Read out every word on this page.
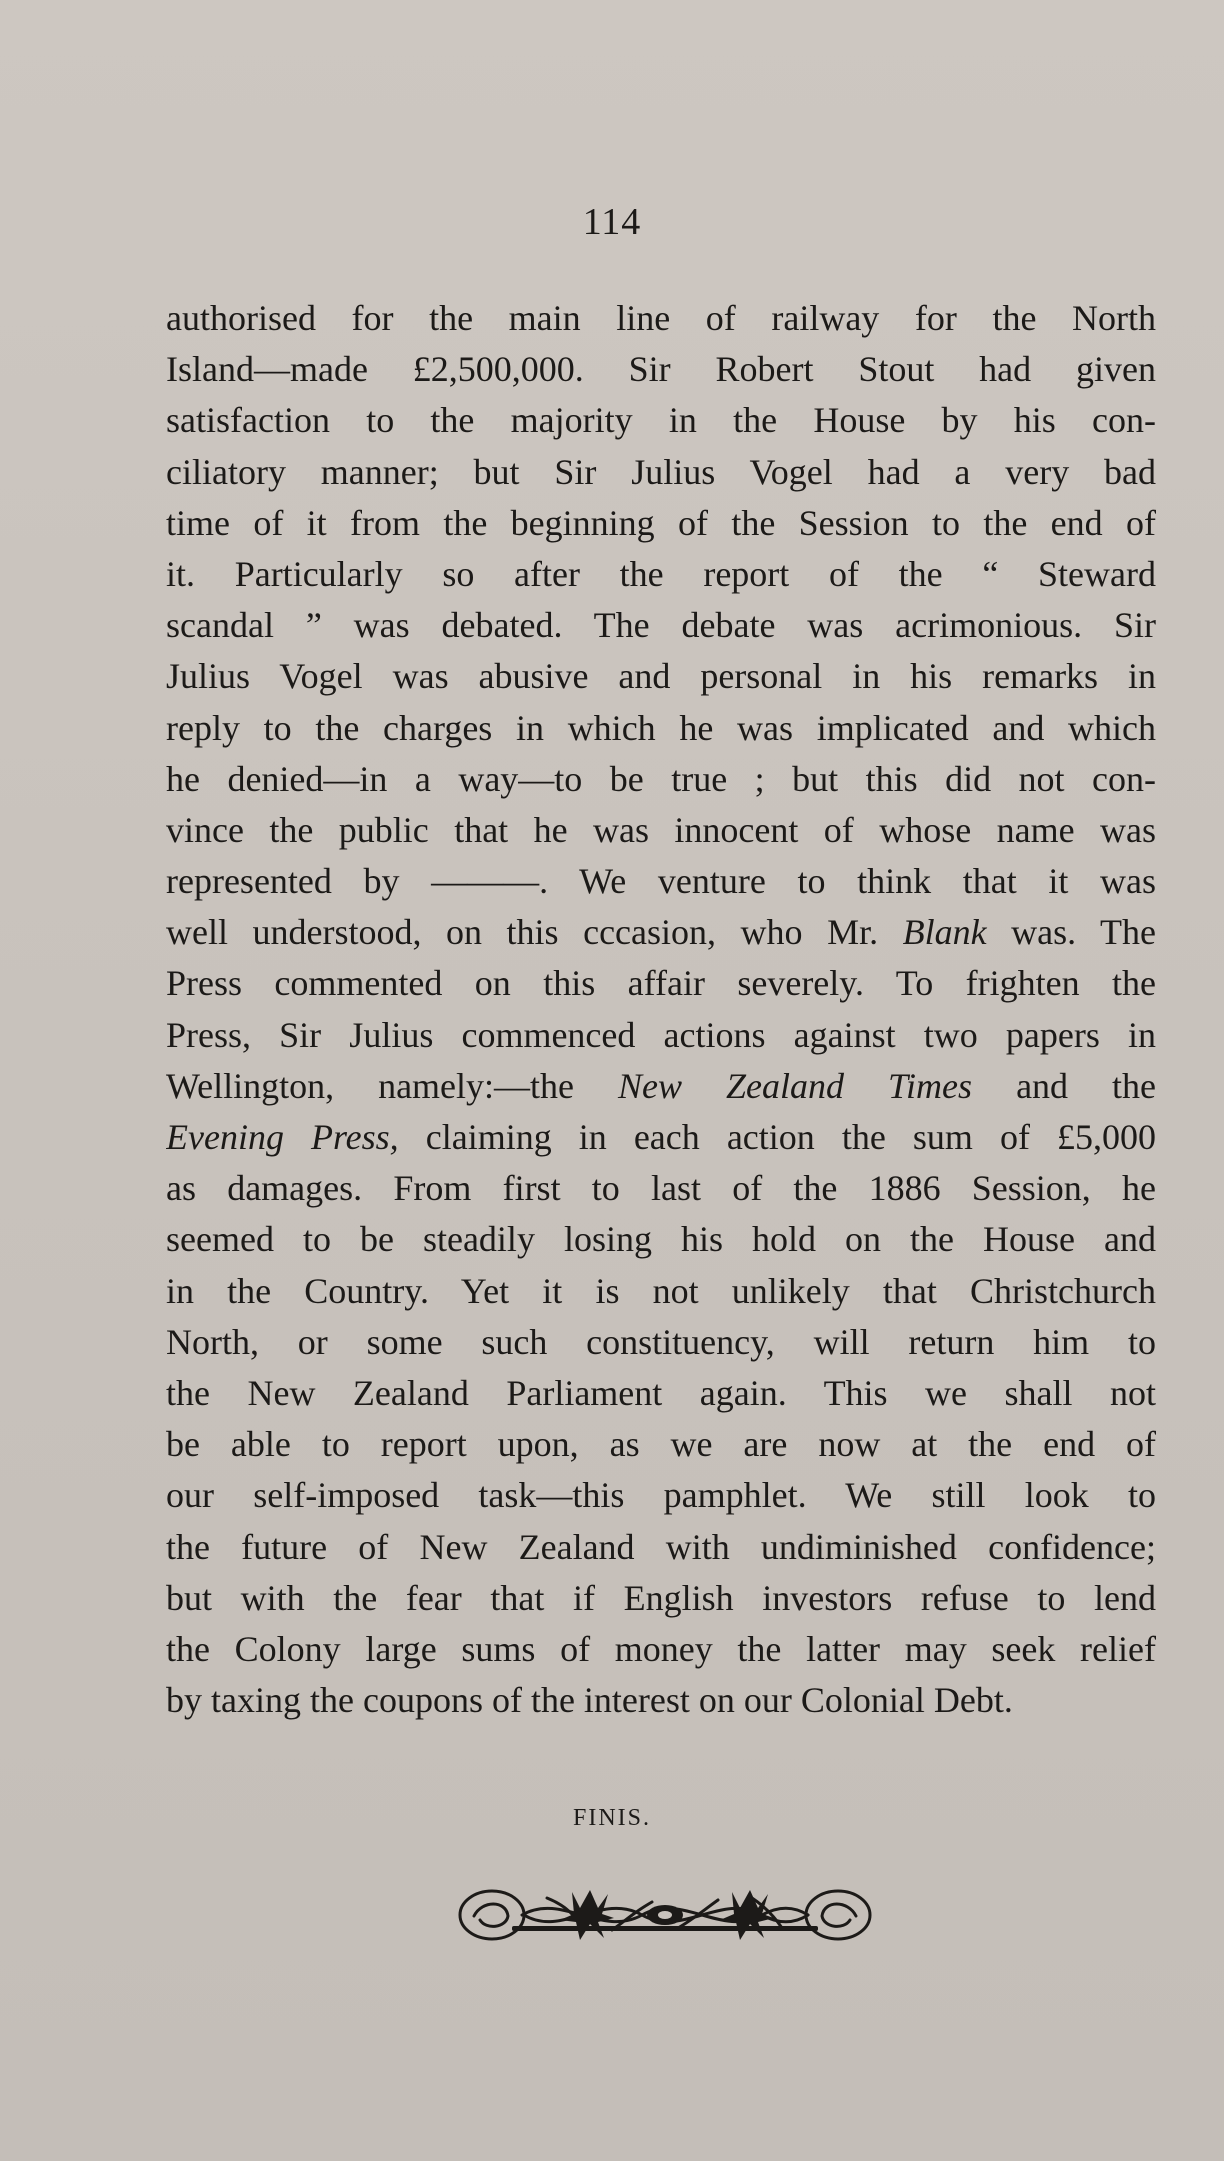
114
authorised for the main line of railway for the North
Island—made £2,500,000. Sir Robert Stout had given
satisfaction to the majority in the House by his con-
ciliatory manner; but Sir Julius Vogel had a very bad
time of it from the beginning of the Session to the end of
it. Particularly so after the report of the “ Steward
scandal ” was debated. The debate was acrimonious. Sir
Julius Vogel was abusive and personal in his remarks in
reply to the charges in which he was implicated and which
he denied—in a way—to be true ; but this did not con-
vince the public that he was innocent of whose name was
represented by ———. We venture to think that it was
well understood, on this cccasion, who Mr. Blank was. The
Press commented on this affair severely. To frighten the
Press, Sir Julius commenced actions against two papers in
Wellington, namely:—the New Zealand Times and the
Evening Press, claiming in each action the sum of £5,000
as damages. From first to last of the 1886 Session, he
seemed to be steadily losing his hold on the House and
in the Country. Yet it is not unlikely that Christchurch
North, or some such constituency, will return him to
the New Zealand Parliament again. This we shall not
be able to report upon, as we are now at the end of
our self-imposed task—this pamphlet. We still look to
the future of New Zealand with undiminished confidence;
but with the fear that if English investors refuse to lend
the Colony large sums of money the latter may seek relief
by taxing the coupons of the interest on our Colonial Debt.
FINIS.
